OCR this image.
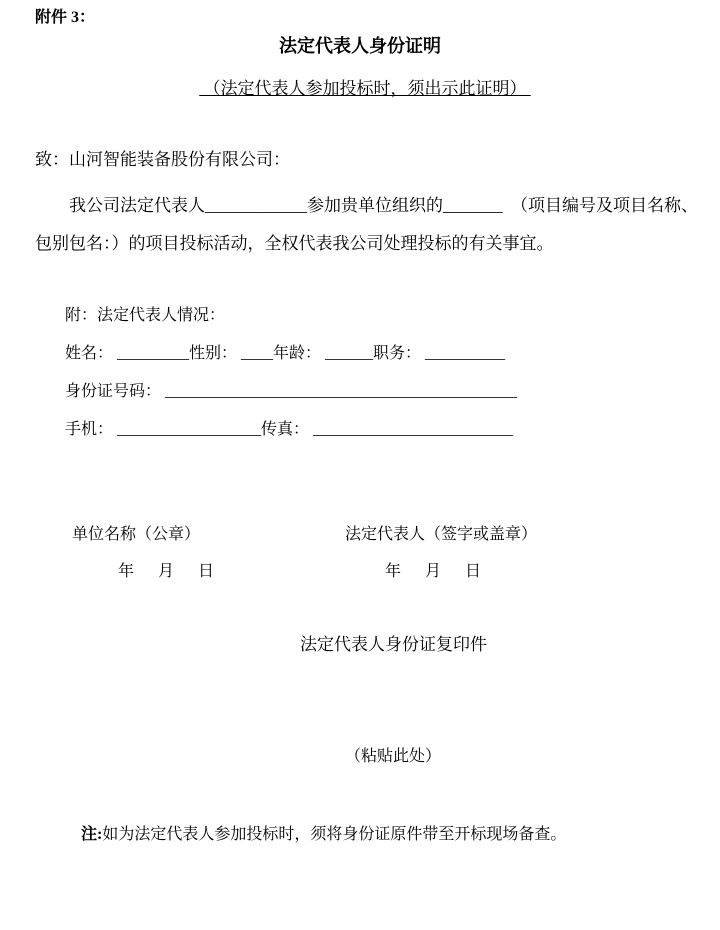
附件 3：
法定代表人身份证明
（法定代表人参加投标时，须出示此证明）
致：山河智能装备股份有限公司：
我公司法定代表人____________参加贵单位组织的_______　（项目编号及项目名称、
包别包名：）的项目投标活动，全权代表我公司处理投标的有关事宜。
附：法定代表人情况：
姓名： _________性别： ____年龄： ______职务： __________
身份证号码： ____________________________________________
手机： __________________传真： _________________________
单位名称（公章）	法定代表人（签字或盖章）
年　月　日	年　月　日
法定代表人身份证复印件
（粘贴此处）

注:如为法定代表人参加投标时，须将身份证原件带至开标现场备查。
